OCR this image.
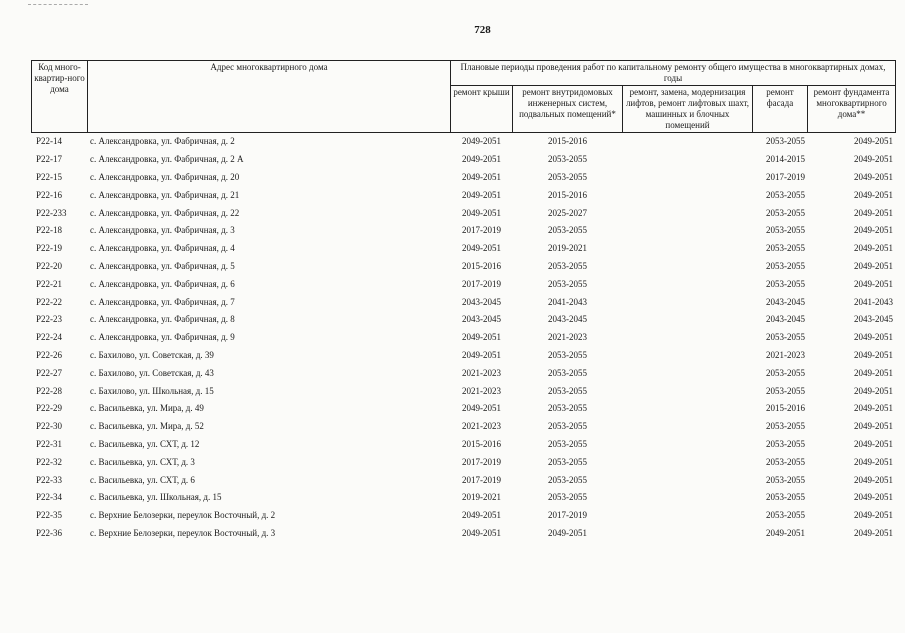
728
Код много-квартир-ного дома	Адрес многоквартирного дома	Плановые периоды проведения работ по капитальному ремонту общего имущества в многоквартирных домах, годы				
		ремонт крыши	ремонт внутридомовых инженерных систем, подвальных помещений*	ремонт, замена, модернизация лифтов, ремонт лифтовых шахт, машинных и блочных помещений	ремонт фасада	ремонт фундамента многоквартирного дома**
Р22-14	с. Александровка, ул. Фабричная, д. 2	2049-2051	2015-2016		2053-2055	2049-2051
Р22-17	с. Александровка, ул. Фабричная, д. 2 А	2049-2051	2053-2055		2014-2015	2049-2051
Р22-15	с. Александровка, ул. Фабричная, д. 20	2049-2051	2053-2055		2017-2019	2049-2051
Р22-16	с. Александровка, ул. Фабричная, д. 21	2049-2051	2015-2016		2053-2055	2049-2051
Р22-233	с. Александровка, ул. Фабричная, д. 22	2049-2051	2025-2027		2053-2055	2049-2051
Р22-18	с. Александровка, ул. Фабричная, д. 3	2017-2019	2053-2055		2053-2055	2049-2051
Р22-19	с. Александровка, ул. Фабричная, д. 4	2049-2051	2019-2021		2053-2055	2049-2051
Р22-20	с. Александровка, ул. Фабричная, д. 5	2015-2016	2053-2055		2053-2055	2049-2051
Р22-21	с. Александровка, ул. Фабричная, д. 6	2017-2019	2053-2055		2053-2055	2049-2051
Р22-22	с. Александровка, ул. Фабричная, д. 7	2043-2045	2041-2043		2043-2045	2041-2043
Р22-23	с. Александровка, ул. Фабричная, д. 8	2043-2045	2043-2045		2043-2045	2043-2045
Р22-24	с. Александровка, ул. Фабричная, д. 9	2049-2051	2021-2023		2053-2055	2049-2051
Р22-26	с. Бахилово, ул. Советская, д. 39	2049-2051	2053-2055		2021-2023	2049-2051
Р22-27	с. Бахилово, ул. Советская, д. 43	2021-2023	2053-2055		2053-2055	2049-2051
Р22-28	с. Бахилово, ул. Школьная, д. 15	2021-2023	2053-2055		2053-2055	2049-2051
Р22-29	с. Васильевка, ул. Мира, д. 49	2049-2051	2053-2055		2015-2016	2049-2051
Р22-30	с. Васильевка, ул. Мира, д. 52	2021-2023	2053-2055		2053-2055	2049-2051
Р22-31	с. Васильевка, ул. СХТ, д. 12	2015-2016	2053-2055		2053-2055	2049-2051
Р22-32	с. Васильевка, ул. СХТ, д. 3	2017-2019	2053-2055		2053-2055	2049-2051
Р22-33	с. Васильевка, ул. СХТ, д. 6	2017-2019	2053-2055		2053-2055	2049-2051
Р22-34	с. Васильевка, ул. Школьная, д. 15	2019-2021	2053-2055		2053-2055	2049-2051
Р22-35	с. Верхние Белозерки, переулок Восточный, д. 2	2049-2051	2017-2019		2053-2055	2049-2051
Р22-36	с. Верхние Белозерки, переулок Восточный, д. 3	2049-2051	2049-2051		2049-2051	2049-2051
